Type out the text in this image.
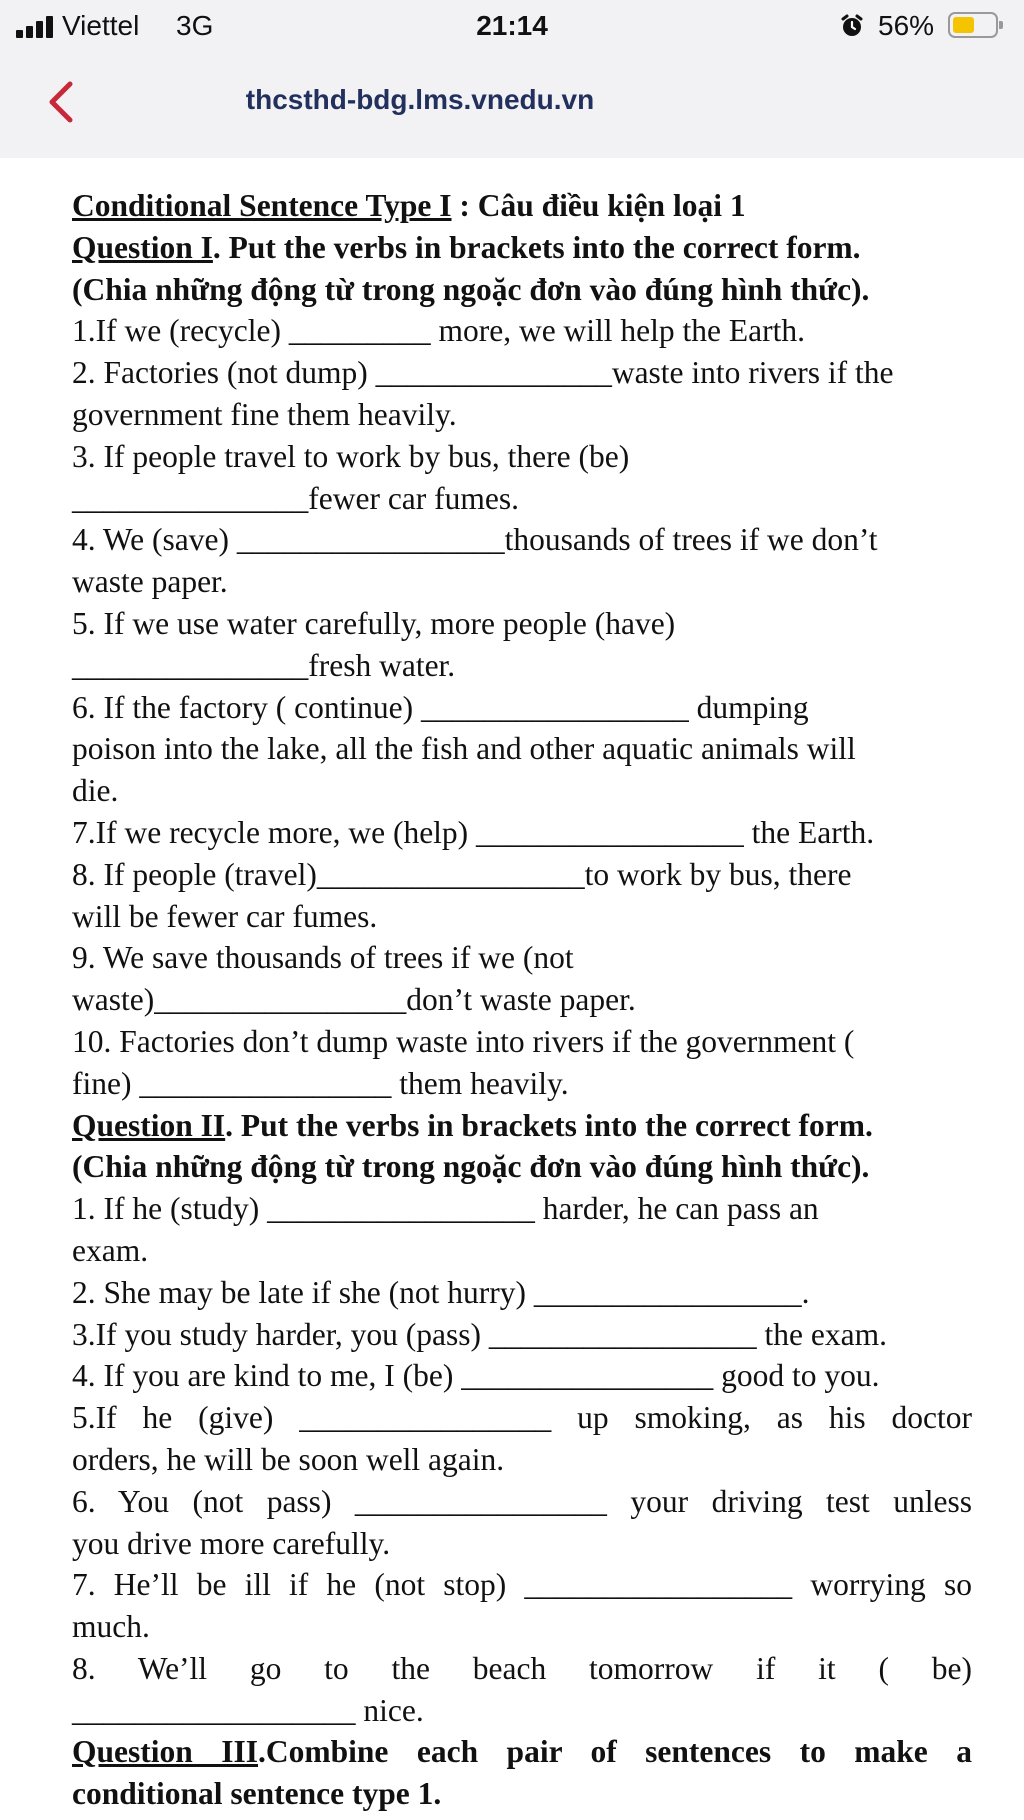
Viettel 3G	21:14	56%
thcsthd-bdg.lms.vnedu.vn

Conditional Sentence Type I : Câu điều kiện loại 1

Question I. Put the verbs in brackets into the correct form.

(Chia những động từ trong ngoặc đơn vào đúng hình thức).

1.If we (recycle) _________ more, we will help the Earth.

2. Factories (not dump) _______________waste into rivers if the

government fine them heavily.

3. If people travel to work by bus, there (be)

_______________fewer car fumes.

4. We (save) _________________thousands of trees if we don’t

waste paper.

5. If we use water carefully, more people (have)

_______________fresh water.

6. If the factory ( continue) _________________ dumping

poison into the lake, all the fish and other aquatic animals will

die.

7.If we recycle more, we (help) _________________ the Earth.

8. If people (travel)_________________to work by bus, there

will be fewer car fumes.

9. We save thousands of trees if we (not

waste)________________don’t waste paper.

10. Factories don’t dump waste into rivers if the government (

fine) ________________ them heavily.

Question II. Put the verbs in brackets into the correct form.

(Chia những động từ trong ngoặc đơn vào đúng hình thức).

1. If he (study) _________________ harder, he can pass an

exam.

2. She may be late if she (not hurry) _________________.

3.If you study harder, you (pass) _________________ the exam.

4. If you are kind to me, I (be) ________________ good to you.

5.If he (give) ________________ up smoking, as his doctor

orders, he will be soon well again.

6. You (not pass) ________________ your driving test unless

you drive more carefully.

7. He’ll be ill if he (not stop) _________________ worrying so

much.

8. We’ll go to the beach tomorrow if it ( be)

__________________ nice.

Question III.Combine each pair of sentences to make a

conditional sentence type 1.
